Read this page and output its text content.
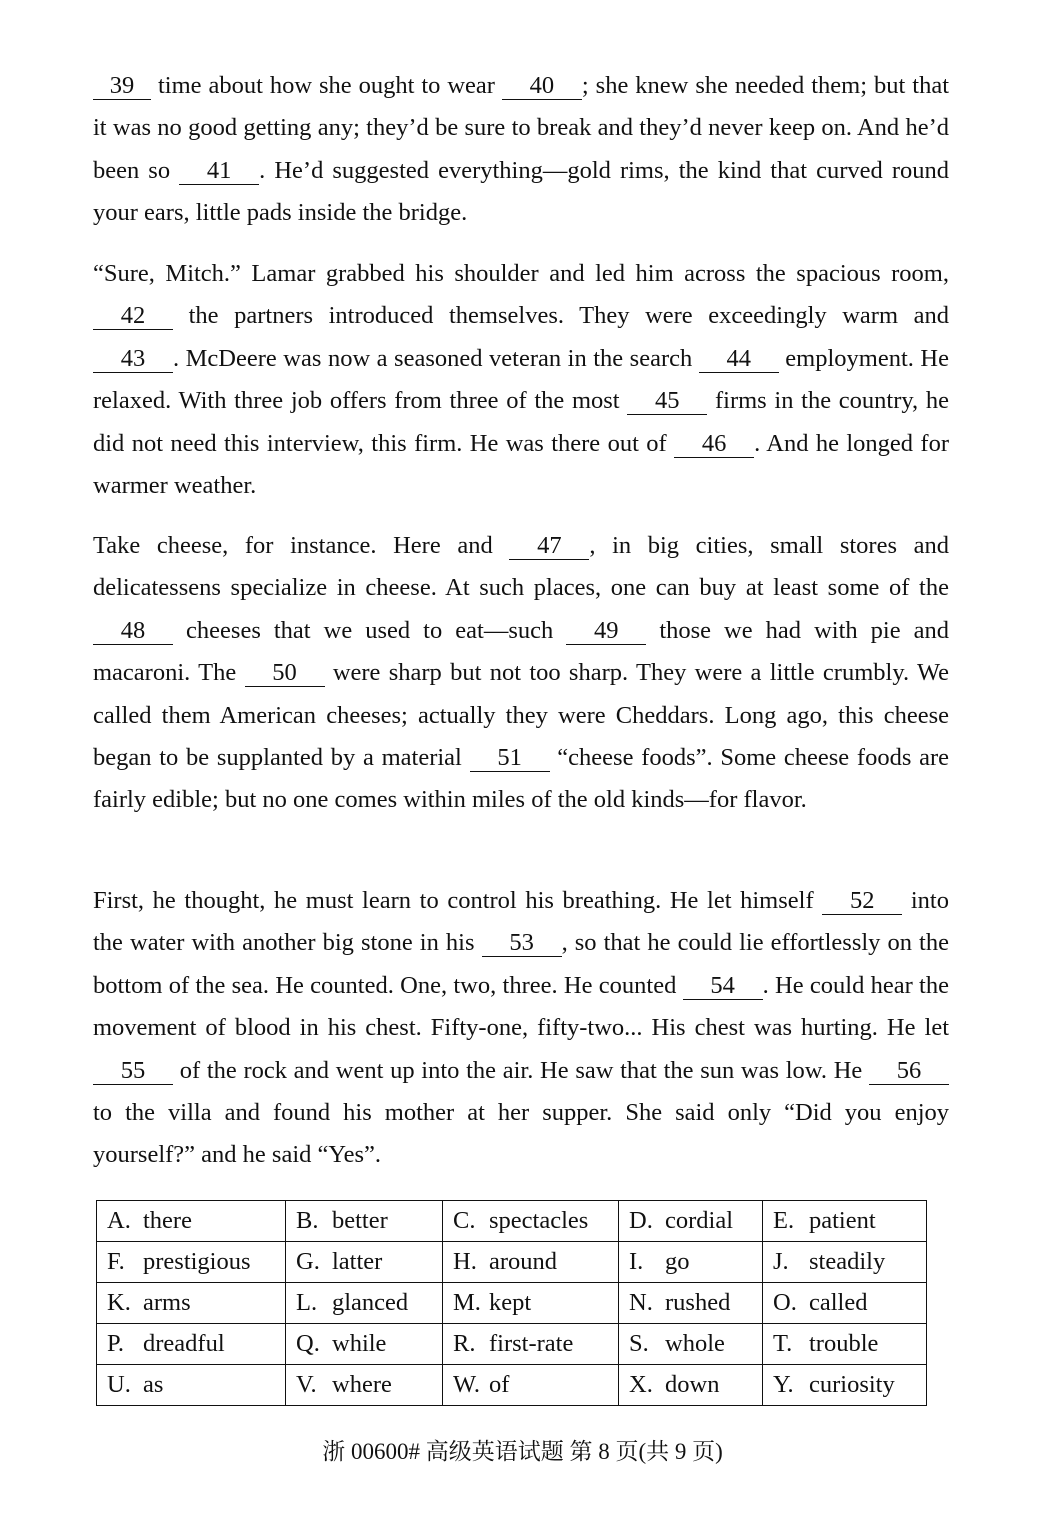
39 time about how she ought to wear 40 ; she knew she needed them; but that it was no good getting any; they’d be sure to break and they’d never keep on. And he’d been so 41 . He’d suggested everything—gold rims, the kind that curved round your ears, little pads inside the bridge.

“Sure, Mitch.” Lamar grabbed his shoulder and led him across the spacious room, 42 the partners introduced themselves. They were exceedingly warm and 43 . McDeere was now a seasoned veteran in the search 44 employment. He relaxed. With three job offers from three of the most 45 firms in the country, he did not need this interview, this firm. He was there out of 46 . And he longed for warmer weather.

Take cheese, for instance. Here and 47 , in big cities, small stores and delicatessens specialize in cheese. At such places, one can buy at least some of the 48 cheeses that we used to eat—such 49 those we had with pie and macaroni. The 50 were sharp but not too sharp. They were a little crumbly. We called them American cheeses; actually they were Cheddars. Long ago, this cheese began to be supplanted by a material 51 “cheese foods”. Some cheese foods are fairly edible; but no one comes within miles of the old kinds—for flavor.

First, he thought, he must learn to control his breathing. He let himself 52 into the water with another big stone in his 53 , so that he could lie effortlessly on the bottom of the sea. He counted. One, two, three. He counted 54 . He could hear the movement of blood in his chest. Fifty-one, fifty-two... His chest was hurting. He let 55 of the rock and went up into the air. He saw that the sun was low. He 56 to the villa and found his mother at her supper. She said only “Did you enjoy yourself?” and he said “Yes”.

A. there	B. better	C. spectacles	D. cordial	E. patient
F. prestigious	G. latter	H. around	I. go	J. steadily
K. arms	L. glanced	M. kept	N. rushed	O. called
P. dreadful	Q. while	R. first-rate	S. whole	T. trouble
U. as	V. where	W. of	X. down	Y. curiosity
浙 00600# 高级英语试题 第 8 页(共 9 页)
